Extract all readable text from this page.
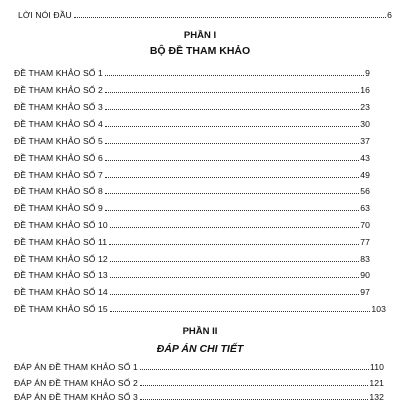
LỜI NÓI ĐẦU	6
PHẦN I
BỘ ĐỀ THAM KHẢO
ĐỀ THAM KHẢO SỐ 1	9
ĐỀ THAM KHẢO SỐ 2	16
ĐỀ THAM KHẢO SỐ 3	23
ĐỀ THAM KHẢO SỐ 4	30
ĐỀ THAM KHẢO SỐ 5	37
ĐỀ THAM KHẢO SỐ 6	43
ĐỀ THAM KHẢO SỐ 7	49
ĐỀ THAM KHẢO SỐ 8	56
ĐỀ THAM KHẢO SỐ 9	63
ĐỀ THAM KHẢO SỐ 10	70
ĐỀ THAM KHẢO SỐ 11	77
ĐỀ THAM KHẢO SỐ 12	83
ĐỀ THAM KHẢO SỐ 13	90
ĐỀ THAM KHẢO SỐ 14	97
ĐỀ THAM KHẢO SỐ 15	103
PHẦN II
ĐÁP ÁN CHI TIẾT
ĐÁP ÁN ĐỀ THAM KHẢO SỐ 1	110
ĐÁP ÁN ĐỀ THAM KHẢO SỐ 2	121
ĐÁP ÁN ĐỀ THAM KHẢO SỐ 3	132
